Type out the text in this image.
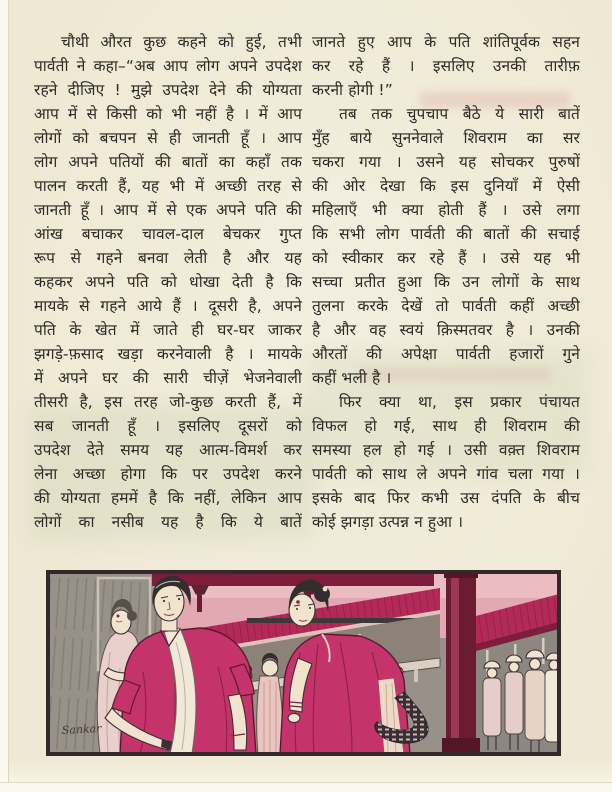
चौथी औरत कुछ कहने को हुई, तभी
पार्वती ने कहा–“अब आप लोग अपने उपदेश
रहने दीजिए ! मुझे उपदेश देने की योग्यता
आप में से किसी को भी नहीं है । में आप
लोगों को बचपन से ही जानती हूँ । आप
लोग अपने पतियों की बातों का कहाँ तक
पालन करती हैं, यह भी में अच्छी तरह से
जानती हूँ । आप में से एक अपने पति की
आंख बचाकर चावल-दाल बेचकर गुप्त
रूप से गहने बनवा लेती है और यह
कहकर अपने पति को धोखा देती है कि
मायके से गहने आये हैं । दूसरी है, अपने
पति के खेत में जाते ही घर-घर जाकर
झगड़े-फ़साद खड़ा करनेवाली है । मायके
में अपने घर की सारी चीज़ें भेजनेवाली
तीसरी है, इस तरह जो-कुछ करती हैं, में
सब जानती हूँ । इसलिए दूसरों को
उपदेश देते समय यह आत्म-विमर्श कर
लेना अच्छा होगा कि पर उपदेश करने
की योग्यता हममें है कि नहीं, लेकिन आप
लोगों का नसीब यह है कि ये बातें
जानते हुए आप के पति शांतिपूर्वक सहन
कर रहे हैं । इसलिए उनकी तारीफ़
करनी होगी !”
तब तक चुपचाप बैठे ये सारी बातें
मुँह बाये सुननेवाले शिवराम का सर
चकरा गया । उसने यह सोचकर पुरुषों
की ओर देखा कि इस दुनियाँ में ऐसी
महिलाएँ भी क्या होती हैं । उसे लगा
कि सभी लोग पार्वती की बातों की सचाई
को स्वीकार कर रहे हैं । उसे यह भी
सच्चा प्रतीत हुआ कि उन लोगों के साथ
तुलना करके देखें तो पार्वती कहीं अच्छी
है और वह स्वयं क़िस्मतवर है । उनकी
औरतों की अपेक्षा पार्वती हजारों गुने
कहीं भली है ।
फिर क्या था, इस प्रकार पंचायत
विफल हो गई, साथ ही शिवराम की
समस्या हल हो गई । उसी वक़्त शिवराम
पार्वती को साथ ले अपने गांव चला गया ।
इसके बाद फिर कभी उस दंपति के बीच
कोई झगड़ा उत्पन्न न हुआ ।
Sankar
